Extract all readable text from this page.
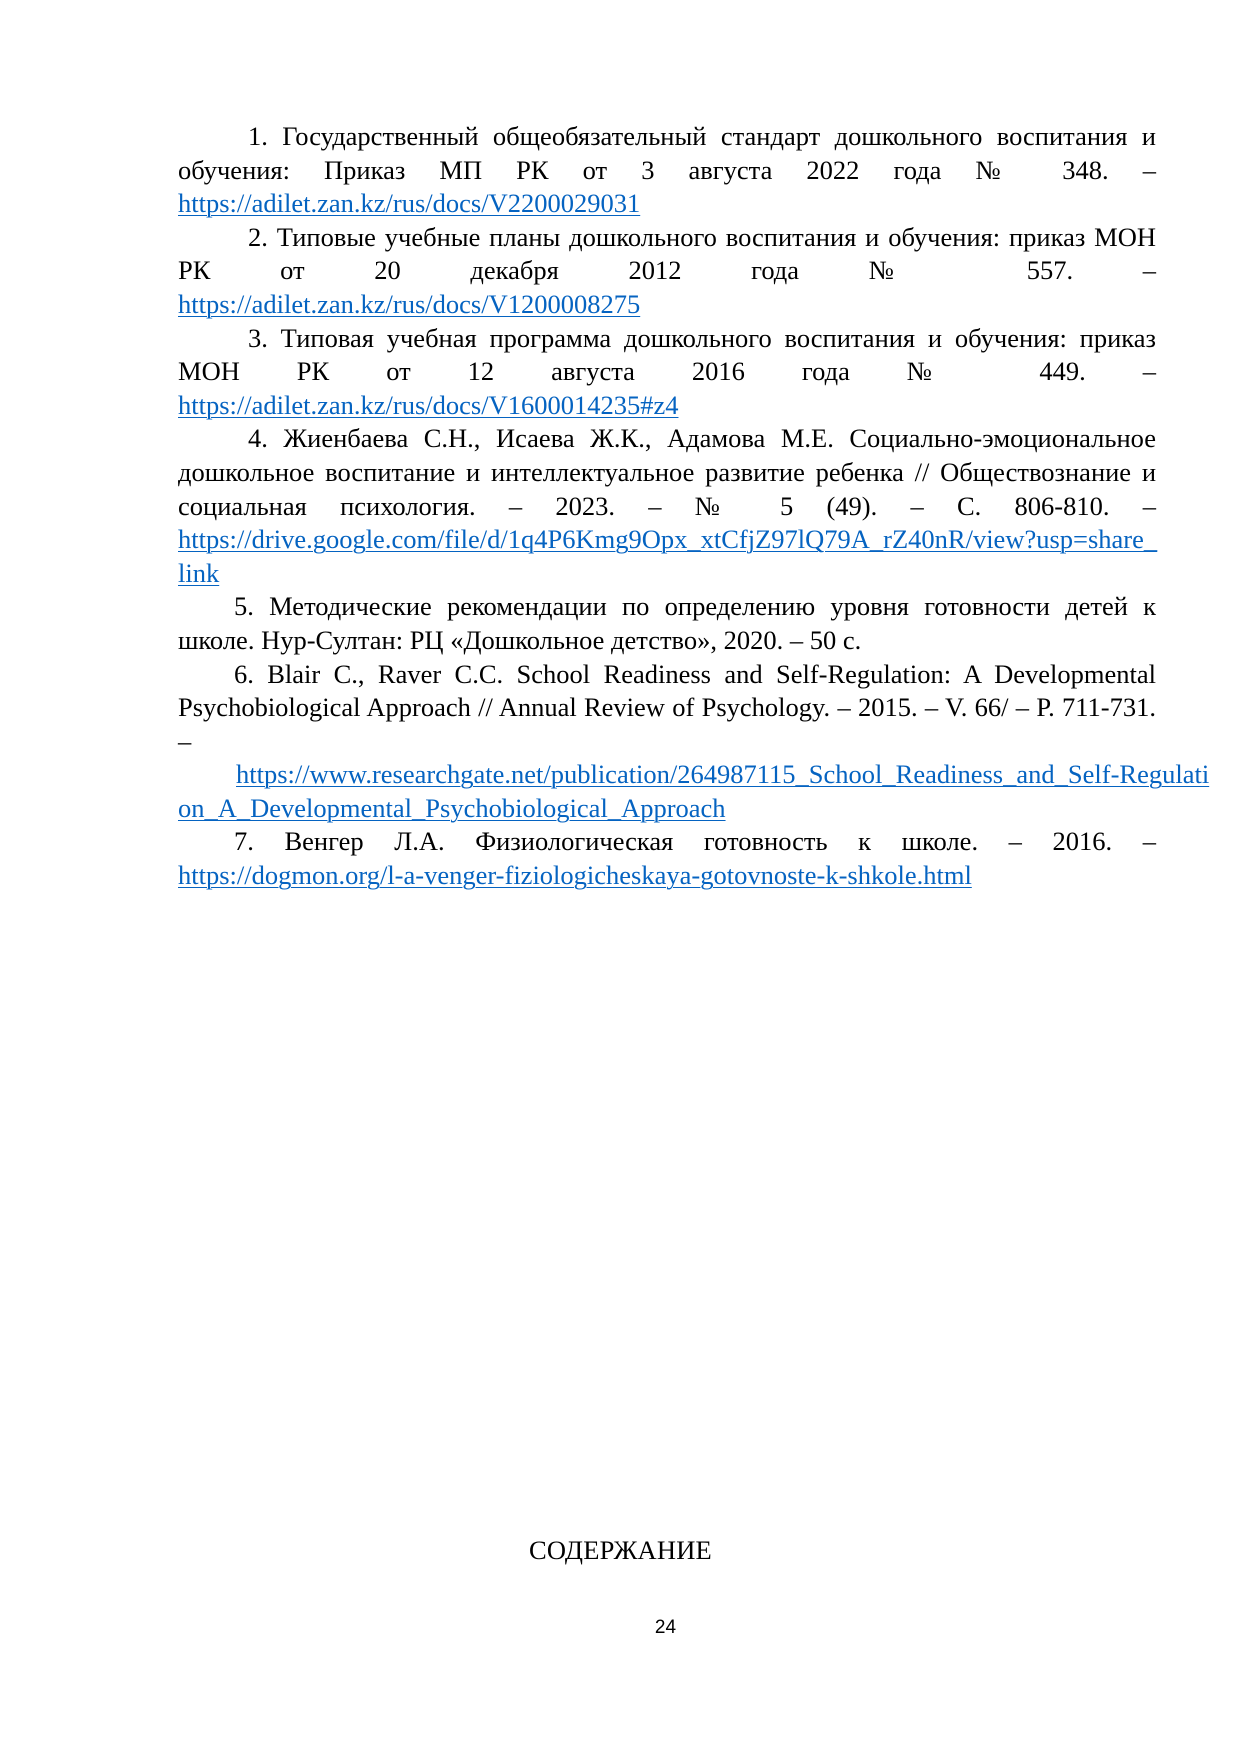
1. Государственный общеобязательный стандарт дошкольного воспитания и обучения: Приказ МП РК от 3 августа 2022 года № 348. –
https://adilet.zan.kz/rus/docs/V2200029031
2. Типовые учебные планы дошкольного воспитания и обучения: приказ МОН РК от 20 декабря 2012 года № 557. –
https://adilet.zan.kz/rus/docs/V1200008275
3. Типовая учебная программа дошкольного воспитания и обучения: приказ МОН РК от 12 августа 2016 года № 449. –
https://adilet.zan.kz/rus/docs/V1600014235#z4
4. Жиенбаева С.Н., Исаева Ж.К., Адамова М.Е. Социально-эмоциональное дошкольное воспитание и интеллектуальное развитие ребенка // Обществознание и социальная психология. – 2023. – № 5 (49). – С. 806-810. –
https://drive.google.com/file/d/1q4P6Kmg9Opx_xtCfjZ97lQ79A_rZ40nR/view?usp=share_link
5. Методические рекомендации по определению уровня готовности детей к школе. Нур-Султан: РЦ «Дошкольное детство», 2020. – 50 с.
6. Blair C., Raver C.C. School Readiness and Self-Regulation: A Developmental Psychobiological Approach // Annual Review of Psychology. – 2015. – V. 66/ – P. 711-731. –
https://www.researchgate.net/publication/264987115_School_Readiness_and_Self-Regulation_A_Developmental_Psychobiological_Approach
7. Венгер Л.А. Физиологическая готовность к школе. – 2016. –
https://dogmon.org/l-a-venger-fiziologicheskaya-gotovnoste-k-shkole.html
СОДЕРЖАНИЕ
24
